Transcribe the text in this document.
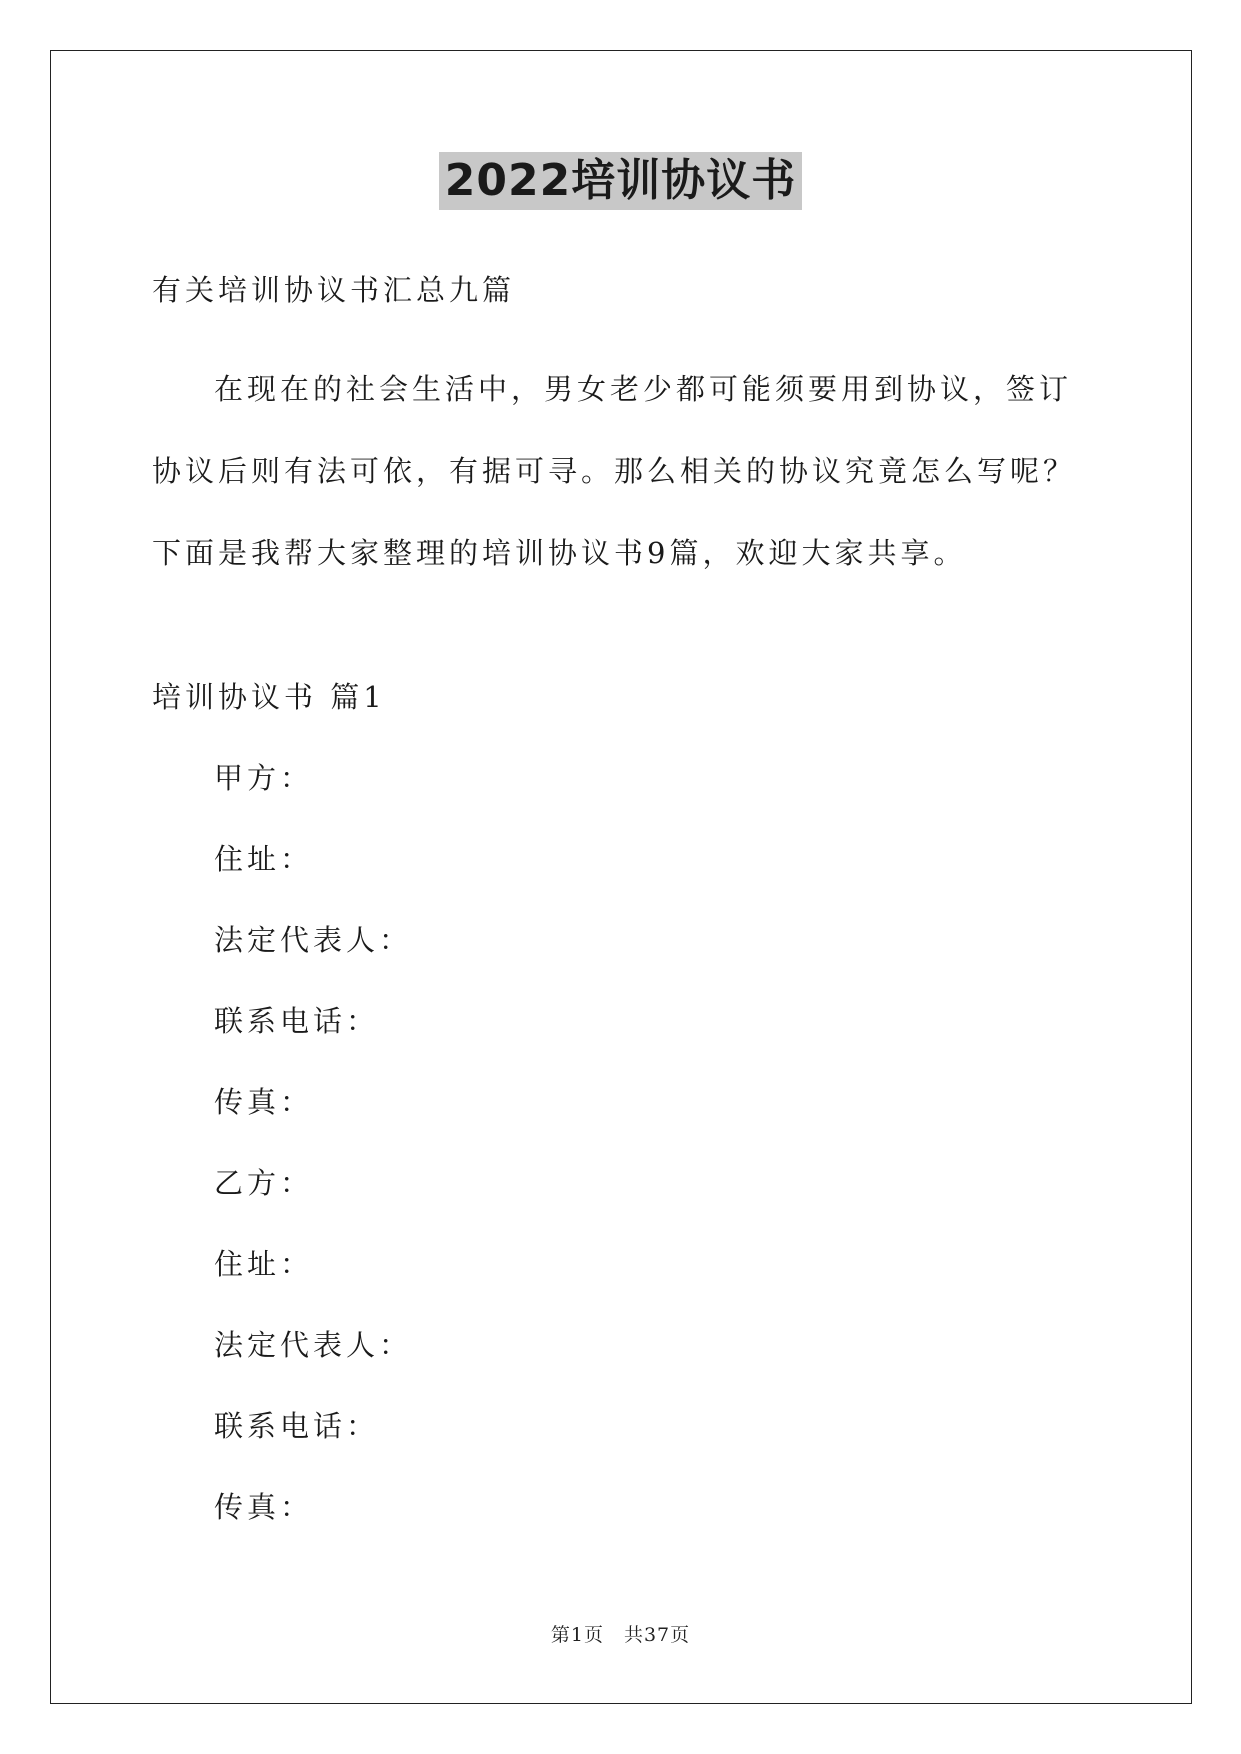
2022培训协议书

有关培训协议书汇总九篇

在现在的社会生活中，男女老少都可能须要用到协议，签订协议后则有法可依，有据可寻。那么相关的协议究竟怎么写呢？下面是我帮大家整理的培训协议书9篇，欢迎大家共享。

培训协议书 篇1

甲方：

住址：

法定代表人：

联系电话：

传真：

乙方：

住址：

法定代表人：

联系电话：

传真：

第1页 共37页
